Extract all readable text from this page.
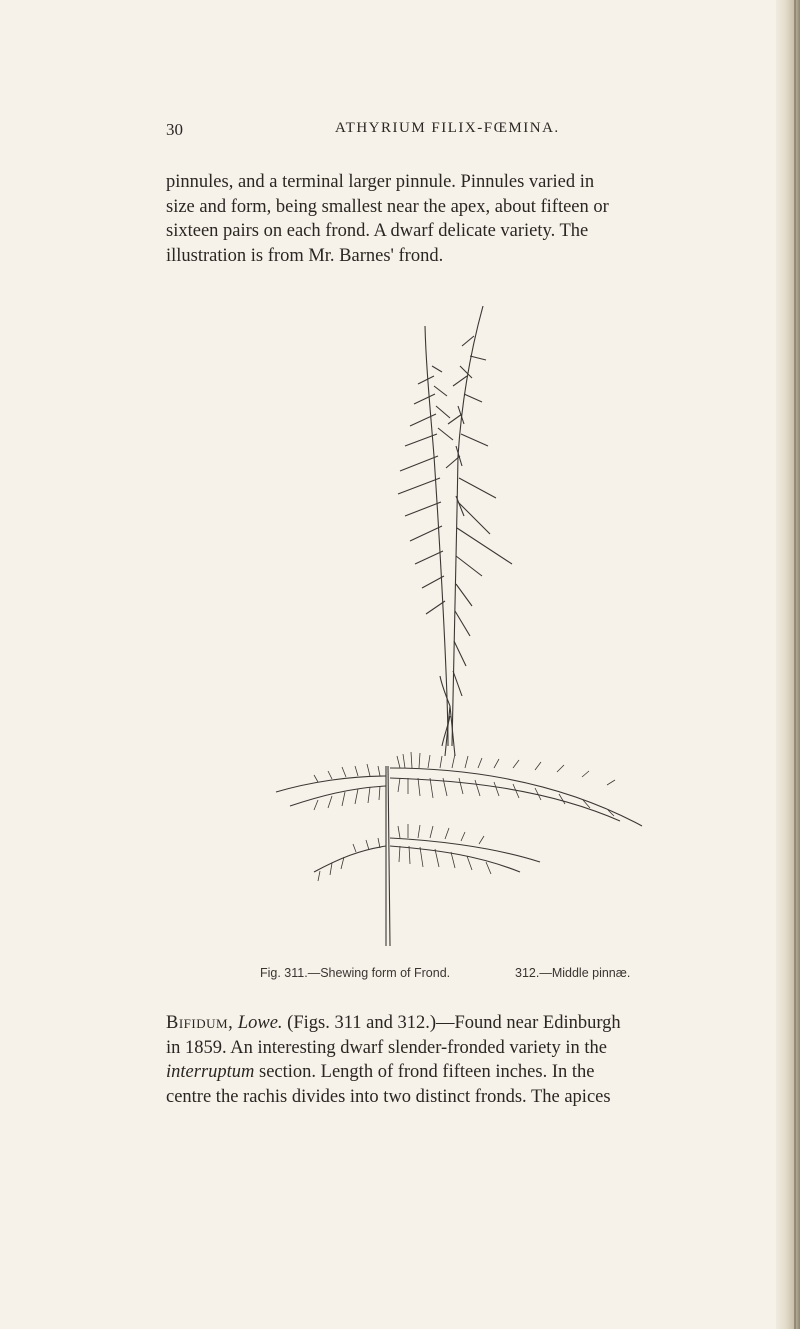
30	ATHYRIUM FILIX-FŒMINA.

pinnules, and a terminal larger pinnule. Pinnules varied in
size and form, being smallest near the apex, about fifteen or
sixteen pairs on each frond. A dwarf delicate variety. The
illustration is from Mr. Barnes' frond.

Fig. 311.—Shewing form of Frond.	312.—Middle pinnæ.

Bifidum, Lowe. (Figs. 311 and 312.)—Found near Edinburgh
in 1859. An interesting dwarf slender-fronded variety in the
interruptum section. Length of frond fifteen inches. In the
centre the rachis divides into two distinct fronds. The apices
